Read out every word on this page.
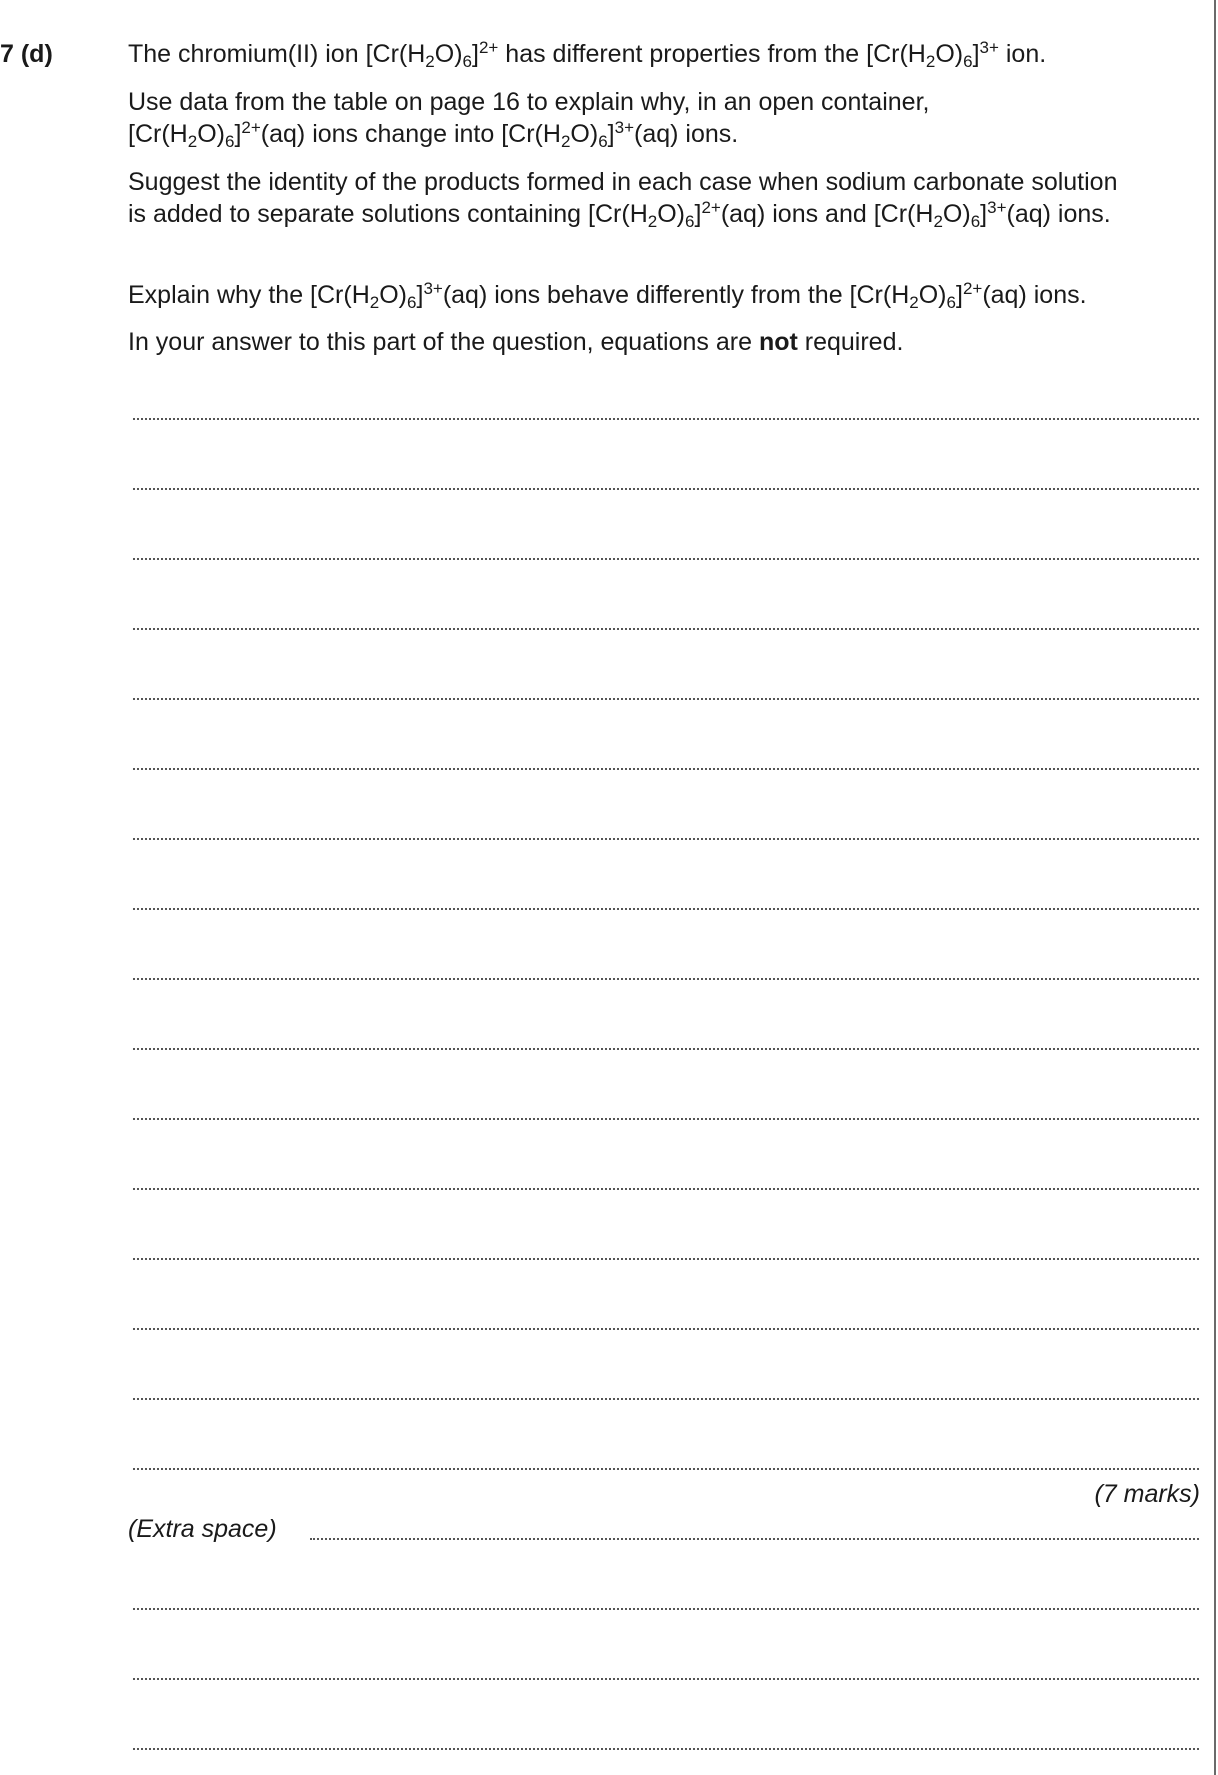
7 (d)	The chromium(II) ion $[Cr(H_2O)_6]^{2+}$ has different properties from the $[Cr(H_2O)_6]^{3+}$ ion.

Use data from the table on page 16 to explain why, in an open container,
$[Cr(H_2O)_6]^{2+}(aq)$ ions change into $[Cr(H_2O)_6]^{3+}(aq)$ ions.

Suggest the identity of the products formed in each case when sodium carbonate solution is added to separate solutions containing $[Cr(H_2O)_6]^{2+}(aq)$ ions and $[Cr(H_2O)_6]^{3+}(aq)$ ions.

Explain why the $[Cr(H_2O)_6]^{3+}(aq)$ ions behave differently from the $[Cr(H_2O)_6]^{2+}(aq)$ ions.

In your answer to this part of the question, equations are not required.

(7 marks)
(Extra space)
